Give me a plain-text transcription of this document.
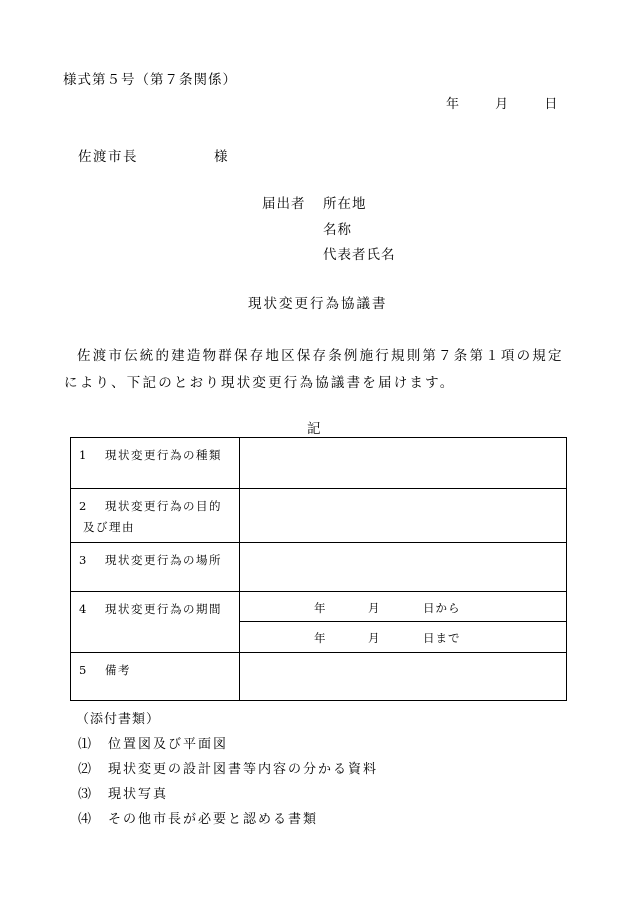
様式第５号（第７条関係）
年	月	日
佐渡市長	様
届出者 所在地
名称
代表者氏名
現状変更行為協議書
佐渡市伝統的建造物群保存地区保存条例施行規則第７条第１項の規定により、下記のとおり現状変更行為協議書を届けます。
記
1 現状変更行為の種類	

2 現状変更行為の目的
及び理由	

3 現状変更行為の場所	

4 現状変更行為の期間	年 月 日から

	年 月 日まで

5 備考	

（添付書類）
⑴ 位置図及び平面図
⑵ 現状変更の設計図書等内容の分かる資料
⑶ 現状写真
⑷ その他市長が必要と認める書類
